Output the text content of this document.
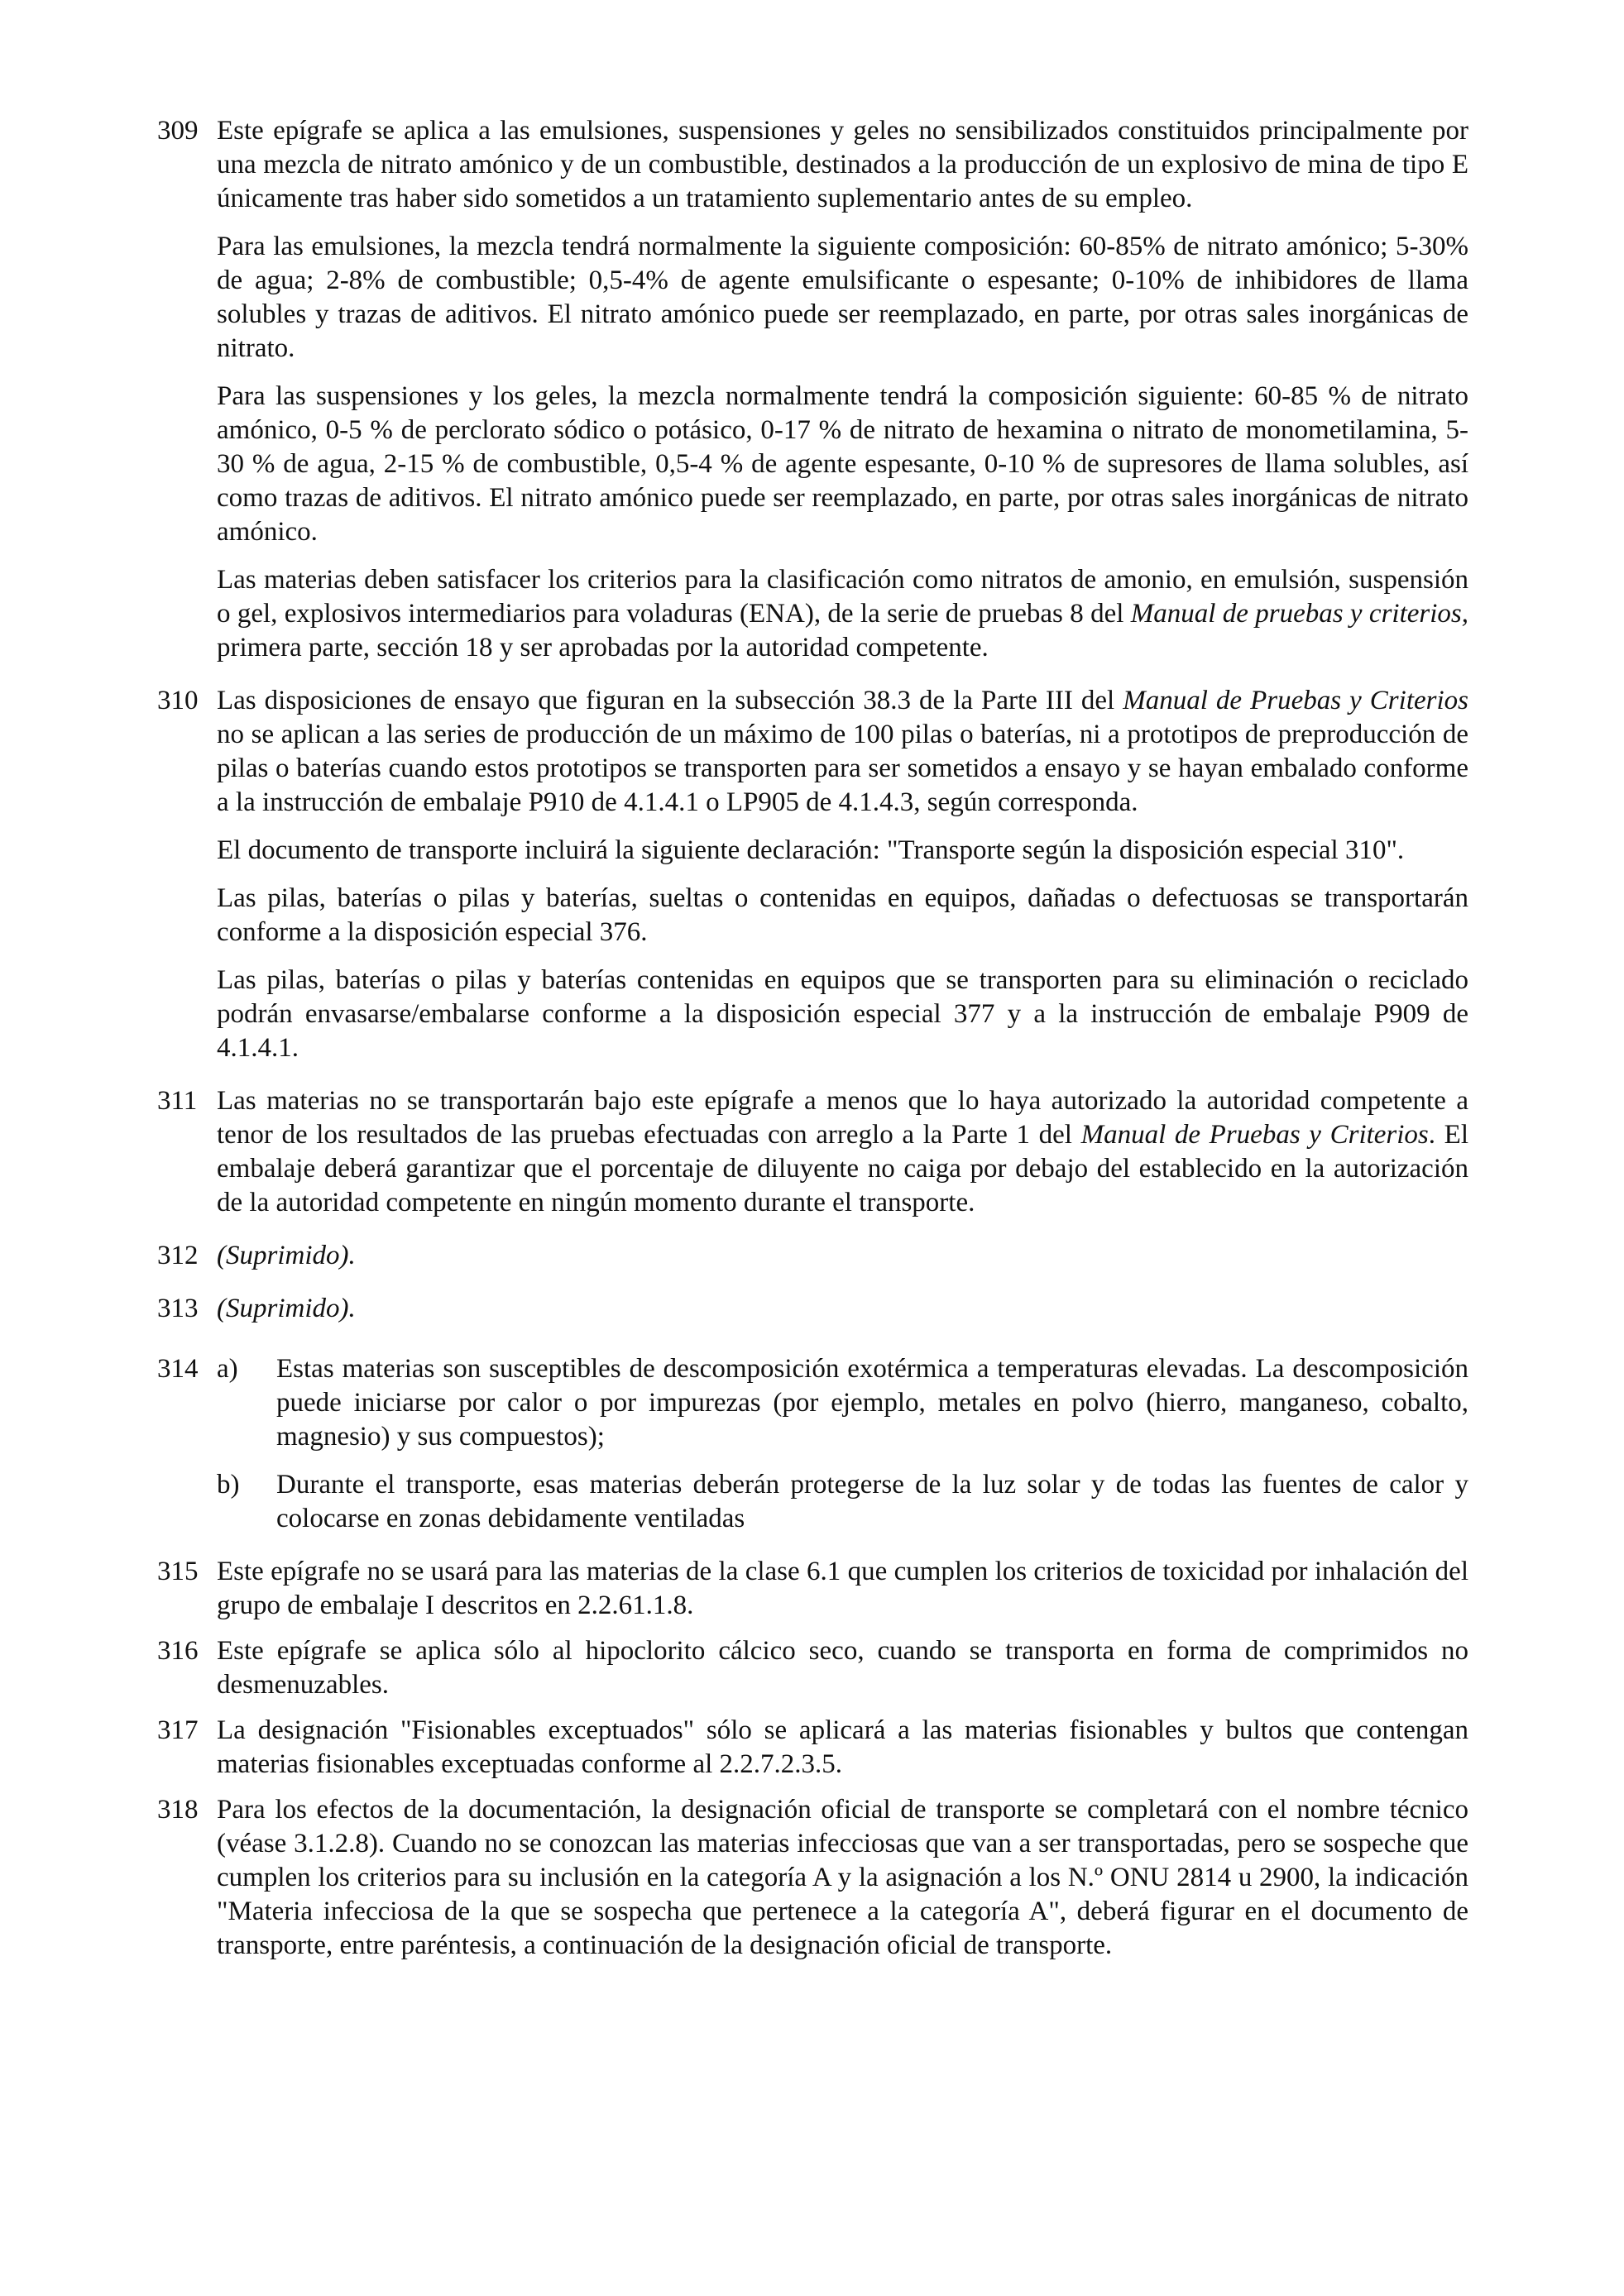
309 Este epígrafe se aplica a las emulsiones, suspensiones y geles no sensibilizados constituidos principalmente por una mezcla de nitrato amónico y de un combustible, destinados a la producción de un explosivo de mina de tipo E únicamente tras haber sido sometidos a un tratamiento suplementario antes de su empleo.

Para las emulsiones, la mezcla tendrá normalmente la siguiente composición: 60-85% de nitrato amónico; 5-30% de agua; 2-8% de combustible; 0,5-4% de agente emulsificante o espesante; 0-10% de inhibidores de llama solubles y trazas de aditivos. El nitrato amónico puede ser reemplazado, en parte, por otras sales inorgánicas de nitrato.

Para las suspensiones y los geles, la mezcla normalmente tendrá la composición siguiente: 60-85 % de nitrato amónico, 0-5 % de perclorato sódico o potásico, 0-17 % de nitrato de hexamina o nitrato de monometilamina, 5-30 % de agua, 2-15 % de combustible, 0,5-4 % de agente espesante, 0-10 % de supresores de llama solubles, así como trazas de aditivos. El nitrato amónico puede ser reemplazado, en parte, por otras sales inorgánicas de nitrato amónico.

Las materias deben satisfacer los criterios para la clasificación como nitratos de amonio, en emulsión, suspensión o gel, explosivos intermediarios para voladuras (ENA), de la serie de pruebas 8 del Manual de pruebas y criterios, primera parte, sección 18 y ser aprobadas por la autoridad competente.

310 Las disposiciones de ensayo que figuran en la subsección 38.3 de la Parte III del Manual de Pruebas y Criterios no se aplican a las series de producción de un máximo de 100 pilas o baterías, ni a prototipos de preproducción de pilas o baterías cuando estos prototipos se transporten para ser sometidos a ensayo y se hayan embalado conforme a la instrucción de embalaje P910 de 4.1.4.1 o LP905 de 4.1.4.3, según corresponda.

El documento de transporte incluirá la siguiente declaración: "Transporte según la disposición especial 310".

Las pilas, baterías o pilas y baterías, sueltas o contenidas en equipos, dañadas o defectuosas se transportarán conforme a la disposición especial 376.

Las pilas, baterías o pilas y baterías contenidas en equipos que se transporten para su eliminación o reciclado podrán envasarse/embalarse conforme a la disposición especial 377 y a la instrucción de embalaje P909 de 4.1.4.1.

311 Las materias no se transportarán bajo este epígrafe a menos que lo haya autorizado la autoridad competente a tenor de los resultados de las pruebas efectuadas con arreglo a la Parte 1 del Manual de Pruebas y Criterios. El embalaje deberá garantizar que el porcentaje de diluyente no caiga por debajo del establecido en la autorización de la autoridad competente en ningún momento durante el transporte.

312 (Suprimido).

313 (Suprimido).

314 a)	Estas materias son susceptibles de descomposición exotérmica a temperaturas elevadas. La descomposición puede iniciarse por calor o por impurezas (por ejemplo, metales en polvo (hierro, manganeso, cobalto, magnesio) y sus compuestos);

b)	Durante el transporte, esas materias deberán protegerse de la luz solar y de todas las fuentes de calor y colocarse en zonas debidamente ventiladas

315 Este epígrafe no se usará para las materias de la clase 6.1 que cumplen los criterios de toxicidad por inhalación del grupo de embalaje I descritos en 2.2.61.1.8.

316 Este epígrafe se aplica sólo al hipoclorito cálcico seco, cuando se transporta en forma de comprimidos no desmenuzables.

317 La designación "Fisionables exceptuados" sólo se aplicará a las materias fisionables y bultos que contengan materias fisionables exceptuadas conforme al 2.2.7.2.3.5.

318 Para los efectos de la documentación, la designación oficial de transporte se completará con el nombre técnico (véase 3.1.2.8). Cuando no se conozcan las materias infecciosas que van a ser transportadas, pero se sospeche que cumplen los criterios para su inclusión en la categoría A y la asignación a los N.º ONU 2814 u 2900, la indicación "Materia infecciosa de la que se sospecha que pertenece a la categoría A", deberá figurar en el documento de transporte, entre paréntesis, a continuación de la designación oficial de transporte.
